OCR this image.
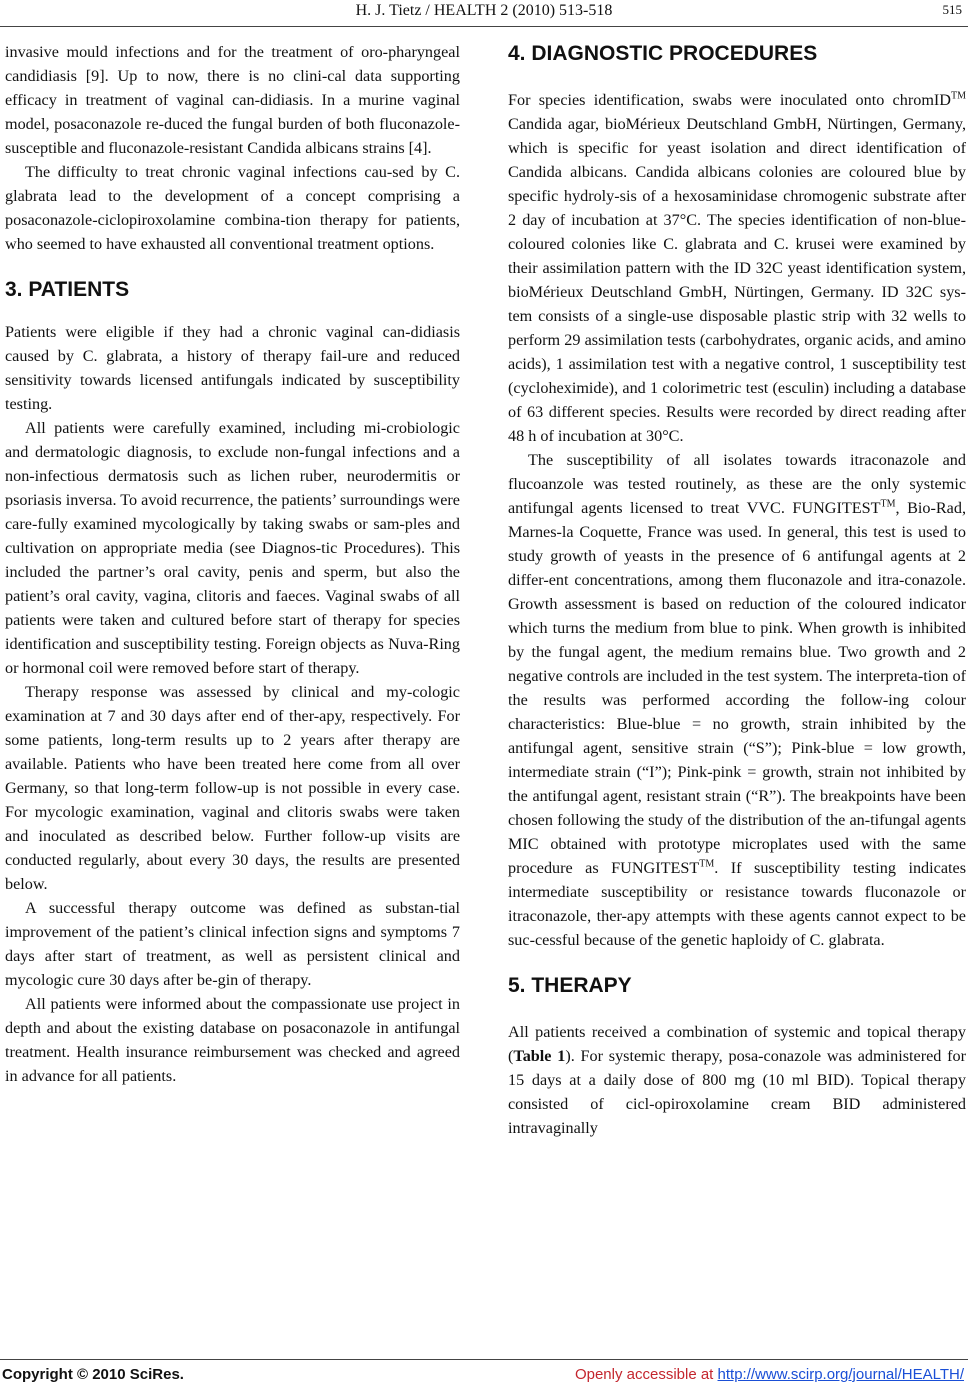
H. J. Tietz / HEALTH 2 (2010) 513-518	515

invasive mould infections and for the treatment of oro-pharyngeal candidiasis [9]. Up to now, there is no clini-cal data supporting efficacy in treatment of vaginal can-didiasis. In a murine vaginal model, posaconazole re-duced the fungal burden of both fluconazole-susceptible and fluconazole-resistant Candida albicans strains [4].

The difficulty to treat chronic vaginal infections cau-sed by C. glabrata lead to the development of a concept comprising a posaconazole-ciclopiroxolamine combina-tion therapy for patients, who seemed to have exhausted all conventional treatment options.

3. PATIENTS

Patients were eligible if they had a chronic vaginal can-didiasis caused by C. glabrata, a history of therapy fail-ure and reduced sensitivity towards licensed antifungals indicated by susceptibility testing.

All patients were carefully examined, including mi-crobiologic and dermatologic diagnosis, to exclude non-fungal infections and a non-infectious dermatosis such as lichen ruber, neurodermitis or psoriasis inversa. To avoid recurrence, the patients’ surroundings were care-fully examined mycologically by taking swabs or sam-ples and cultivation on appropriate media (see Diagnos-tic Procedures). This included the partner’s oral cavity, penis and sperm, but also the patient’s oral cavity, vagina, clitoris and faeces. Vaginal swabs of all patients were taken and cultured before start of therapy for species identification and susceptibility testing. Foreign objects as Nuva-Ring or hormonal coil were removed before start of therapy.

Therapy response was assessed by clinical and my-cologic examination at 7 and 30 days after end of ther-apy, respectively. For some patients, long-term results up to 2 years after therapy are available. Patients who have been treated here come from all over Germany, so that long-term follow-up is not possible in every case. For mycologic examination, vaginal and clitoris swabs were taken and inoculated as described below. Further follow-up visits are conducted regularly, about every 30 days, the results are presented below.

A successful therapy outcome was defined as substan-tial improvement of the patient’s clinical infection signs and symptoms 7 days after start of treatment, as well as persistent clinical and mycologic cure 30 days after be-gin of therapy.

All patients were informed about the compassionate use project in depth and about the existing database on posaconazole in antifungal treatment. Health insurance reimbursement was checked and agreed in advance for all patients.

4. DIAGNOSTIC PROCEDURES

For species identification, swabs were inoculated onto chromID™ Candida agar, bioMérieux Deutschland GmbH, Nürtingen, Germany, which is specific for yeast isolation and direct identification of Candida albicans. Candida albicans colonies are coloured blue by specific hydroly-sis of a hexosaminidase chromogenic substrate after 2 day of incubation at 37°C. The species identification of non-blue-coloured colonies like C. glabrata and C. krusei were examined by their assimilation pattern with the ID 32C yeast identification system, bioMérieux Deutschland GmbH, Nürtingen, Germany. ID 32C sys-tem consists of a single-use disposable plastic strip with 32 wells to perform 29 assimilation tests (carbohydrates, organic acids, and amino acids), 1 assimilation test with a negative control, 1 susceptibility test (cycloheximide), and 1 colorimetric test (esculin) including a database of 63 different species. Results were recorded by direct reading after 48 h of incubation at 30°C.

The susceptibility of all isolates towards itraconazole and flucoanzole was tested routinely, as these are the only systemic antifungal agents licensed to treat VVC. FUNGITEST™, Bio-Rad, Marnes-la Coquette, France was used. In general, this test is used to study growth of yeasts in the presence of 6 antifungal agents at 2 differ-ent concentrations, among them fluconazole and itra-conazole. Growth assessment is based on reduction of the coloured indicator which turns the medium from blue to pink. When growth is inhibited by the fungal agent, the medium remains blue. Two growth and 2 negative controls are included in the test system. The interpreta-tion of the results was performed according the follow-ing colour characteristics: Blue-blue = no growth, strain inhibited by the antifungal agent, sensitive strain (“S”); Pink-blue = low growth, intermediate strain (“I”); Pink-pink = growth, strain not inhibited by the antifungal agent, resistant strain (“R”). The breakpoints have been chosen following the study of the distribution of the an-tifungal agents MIC obtained with prototype microplates used with the same procedure as FUNGITEST™. If susceptibility testing indicates intermediate susceptibility or resistance towards fluconazole or itraconazole, ther-apy attempts with these agents cannot expect to be suc-cessful because of the genetic haploidy of C. glabrata.

5. THERAPY

All patients received a combination of systemic and topical therapy (Table 1). For systemic therapy, posa-conazole was administered for 15 days at a daily dose of 800 mg (10 ml BID). Topical therapy consisted of cicl-opiroxolamine cream BID administered intravaginally

Copyright © 2010 SciRes.	Openly accessible at http://www.scirp.org/journal/HEALTH/
